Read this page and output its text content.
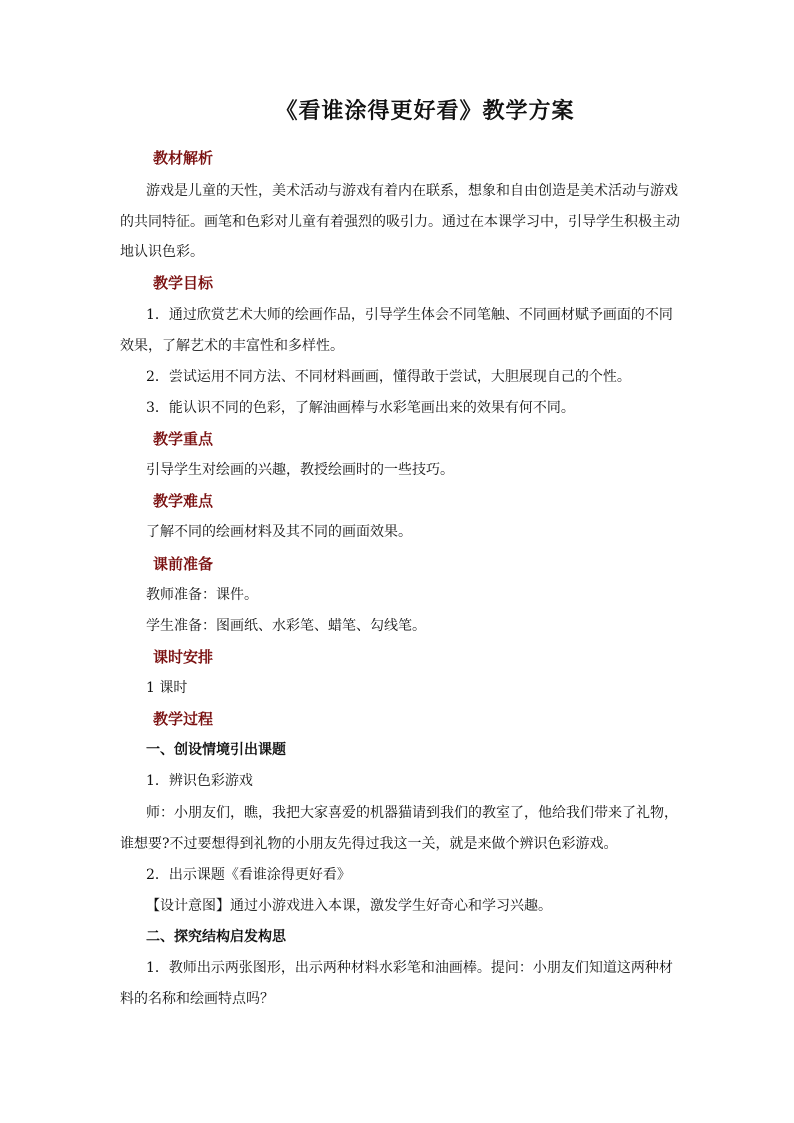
《看谁涂得更好看》教学方案
教材解析
游戏是儿童的天性，美术活动与游戏有着内在联系，想象和自由创造是美术活动与游戏
的共同特征。画笔和色彩对儿童有着强烈的吸引力。通过在本课学习中，引导学生积极主动
地认识色彩。
教学目标
1．通过欣赏艺术大师的绘画作品，引导学生体会不同笔触、不同画材赋予画面的不同
效果，了解艺术的丰富性和多样性。
2．尝试运用不同方法、不同材料画画，懂得敢于尝试，大胆展现自己的个性。
3．能认识不同的色彩，了解油画棒与水彩笔画出来的效果有何不同。
教学重点
引导学生对绘画的兴趣，教授绘画时的一些技巧。
教学难点
了解不同的绘画材料及其不同的画面效果。
课前准备
教师准备：课件。
学生准备：图画纸、水彩笔、蜡笔、勾线笔。
课时安排
1 课时
教学过程
一、创设情境引出课题
1．辨识色彩游戏
师：小朋友们，瞧，我把大家喜爱的机器猫请到我们的教室了，他给我们带来了礼物，
谁想要?不过要想得到礼物的小朋友先得过我这一关，就是来做个辨识色彩游戏。
2．出示课题《看谁涂得更好看》
【设计意图】通过小游戏进入本课，激发学生好奇心和学习兴趣。
二、探究结构启发构思
1．教师出示两张图形，出示两种材料水彩笔和油画棒。提问：小朋友们知道这两种材
料的名称和绘画特点吗？
